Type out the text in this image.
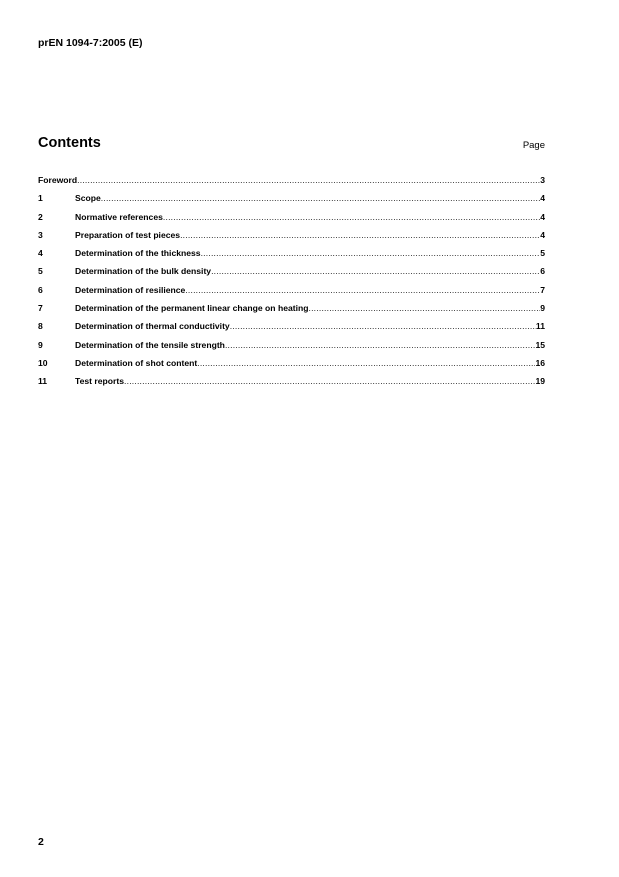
prEN 1094-7:2005 (E)
Contents	Page
Foreword .....	3
1	Scope .....	4
2	Normative references .....	4
3	Preparation of test pieces .....	4
4	Determination of the thickness .....	5
5	Determination of the bulk density .....	6
6	Determination of resilience .....	7
7	Determination of the permanent linear change on heating .....	9
8	Determination of thermal conductivity .....	11
9	Determination of the tensile strength .....	15
10	Determination of shot content .....	16
11	Test reports .....	19
2
